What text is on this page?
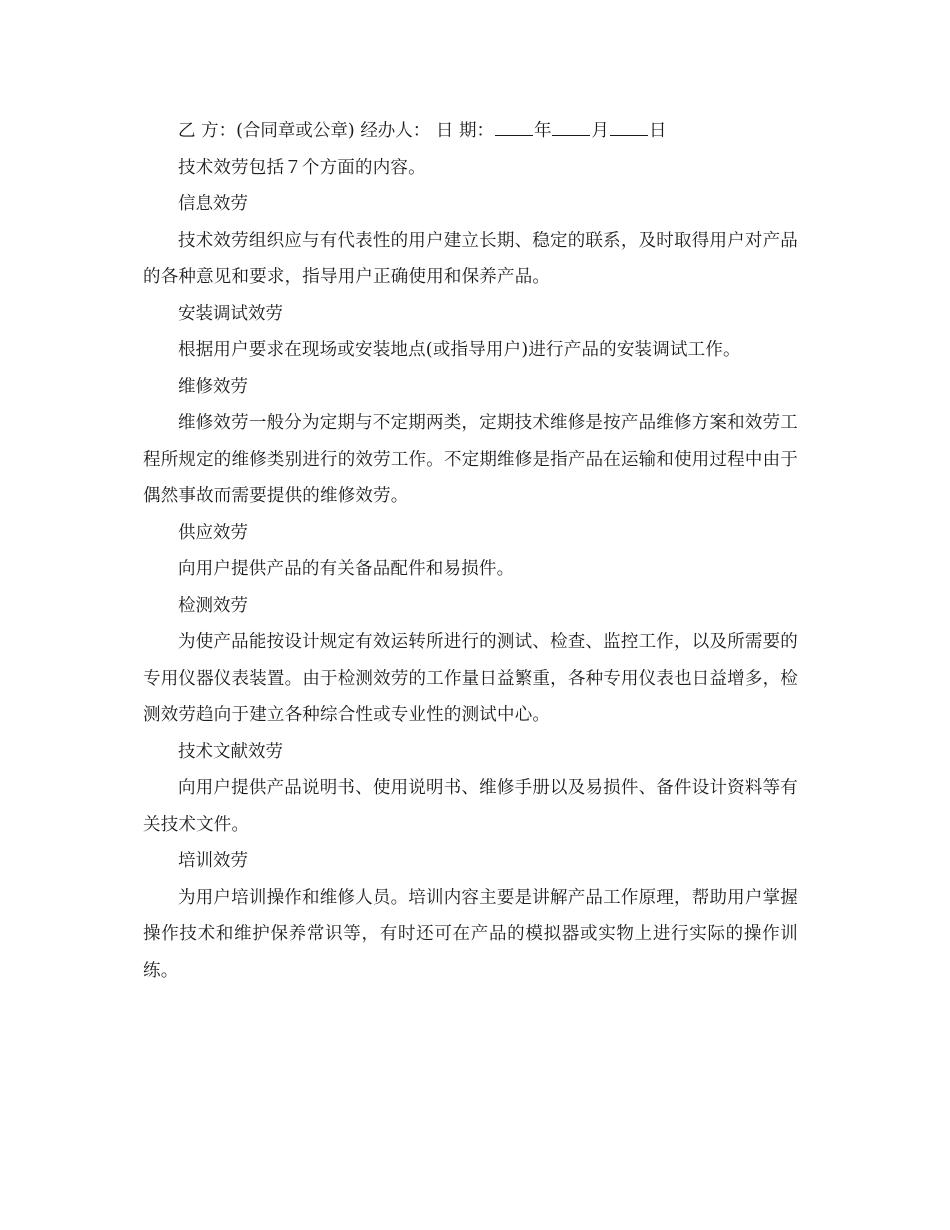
乙 方：(合同章或公章) 经办人： 日 期： 年 月 日

技术效劳包括７个方面的内容。

信息效劳

技术效劳组织应与有代表性的用户建立长期、稳定的联系，及时取得用户对产品的各种意见和要求，指导用户正确使用和保养产品。

安装调试效劳

根据用户要求在现场或安装地点(或指导用户)进行产品的安装调试工作。

维修效劳

维修效劳一般分为定期与不定期两类，定期技术维修是按产品维修方案和效劳工程所规定的维修类别进行的效劳工作。不定期维修是指产品在运输和使用过程中由于偶然事故而需要提供的维修效劳。

供应效劳

向用户提供产品的有关备品配件和易损件。

检测效劳

为使产品能按设计规定有效运转所进行的测试、检查、监控工作，以及所需要的专用仪器仪表装置。由于检测效劳的工作量日益繁重，各种专用仪表也日益增多，检测效劳趋向于建立各种综合性或专业性的测试中心。

技术文献效劳

向用户提供产品说明书、使用说明书、维修手册以及易损件、备件设计资料等有关技术文件。

培训效劳

为用户培训操作和维修人员。培训内容主要是讲解产品工作原理，帮助用户掌握操作技术和维护保养常识等，有时还可在产品的模拟器或实物上进行实际的操作训练。
